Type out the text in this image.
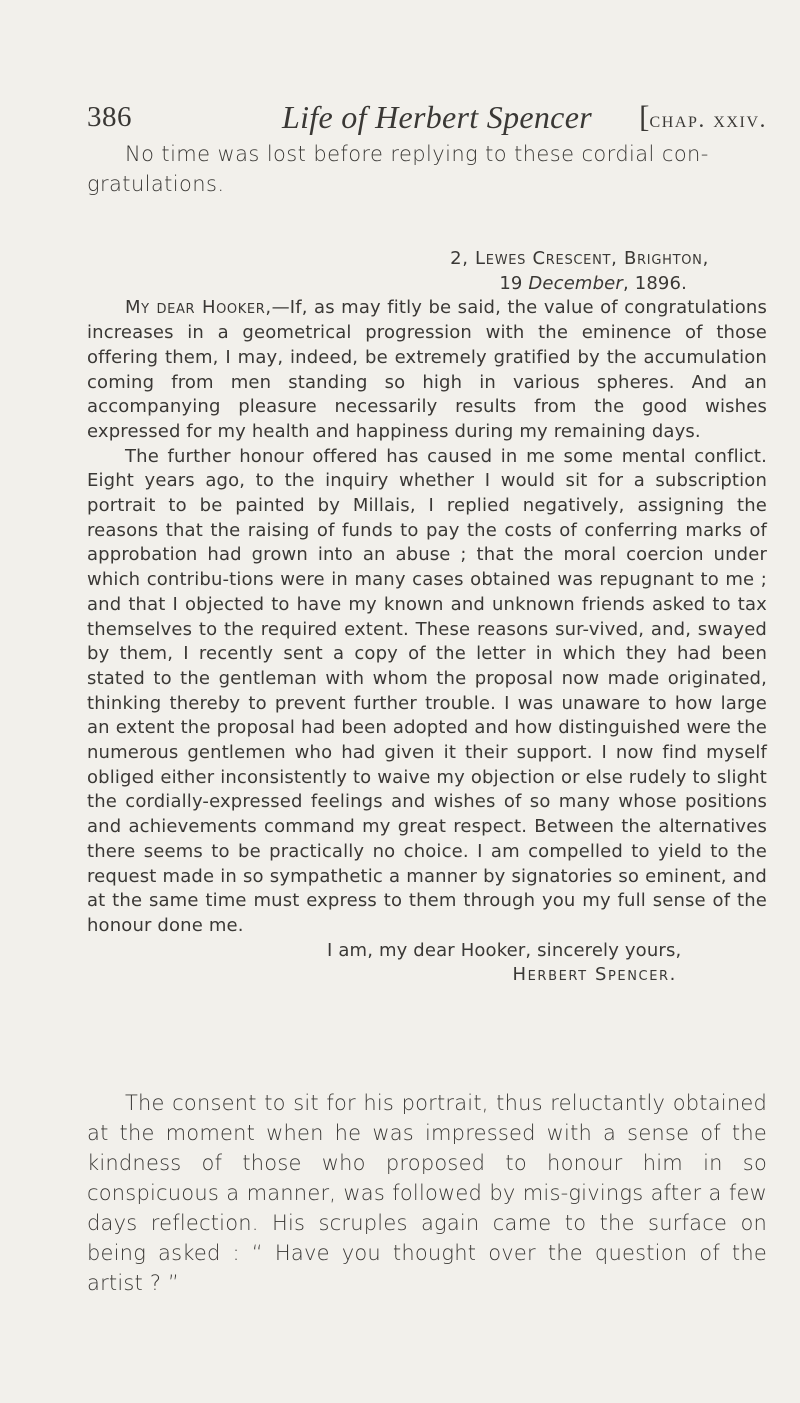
386	Life of Herbert Spencer [chap. xxiv.
No time was lost before replying to these cordial con-gratulations.
2, Lewes Crescent, Brighton,
19 December, 1896.

My dear Hooker,—If, as may fitly be said, the value of congratulations increases in a geometrical progression with the eminence of those offering them, I may, indeed, be extremely gratified by the accumulation coming from men standing so high in various spheres. And an accompanying pleasure necessarily results from the good wishes expressed for my health and happiness during my remaining days.

The further honour offered has caused in me some mental conflict. Eight years ago, to the inquiry whether I would sit for a subscription portrait to be painted by Millais, I replied negatively, assigning the reasons that the raising of funds to pay the costs of conferring marks of approbation had grown into an abuse ; that the moral coercion under which contribu-tions were in many cases obtained was repugnant to me ; and that I objected to have my known and unknown friends asked to tax themselves to the required extent. These reasons sur-vived, and, swayed by them, I recently sent a copy of the letter in which they had been stated to the gentleman with whom the proposal now made originated, thinking thereby to prevent further trouble. I was unaware to how large an extent the proposal had been adopted and how distinguished were the numerous gentlemen who had given it their support. I now find myself obliged either inconsistently to waive my objection or else rudely to slight the cordially-expressed feelings and wishes of so many whose positions and achievements command my great respect. Between the alternatives there seems to be practically no choice. I am compelled to yield to the request made in so sympathetic a manner by signatories so eminent, and at the same time must express to them through you my full sense of the honour done me.

I am, my dear Hooker, sincerely yours,

Herbert Spencer.
The consent to sit for his portrait, thus reluctantly obtained at the moment when he was impressed with a sense of the kindness of those who proposed to honour him in so conspicuous a manner, was followed by mis-givings after a few days reflection. His scruples again came to the surface on being asked : “ Have you thought over the question of the artist ? ”
